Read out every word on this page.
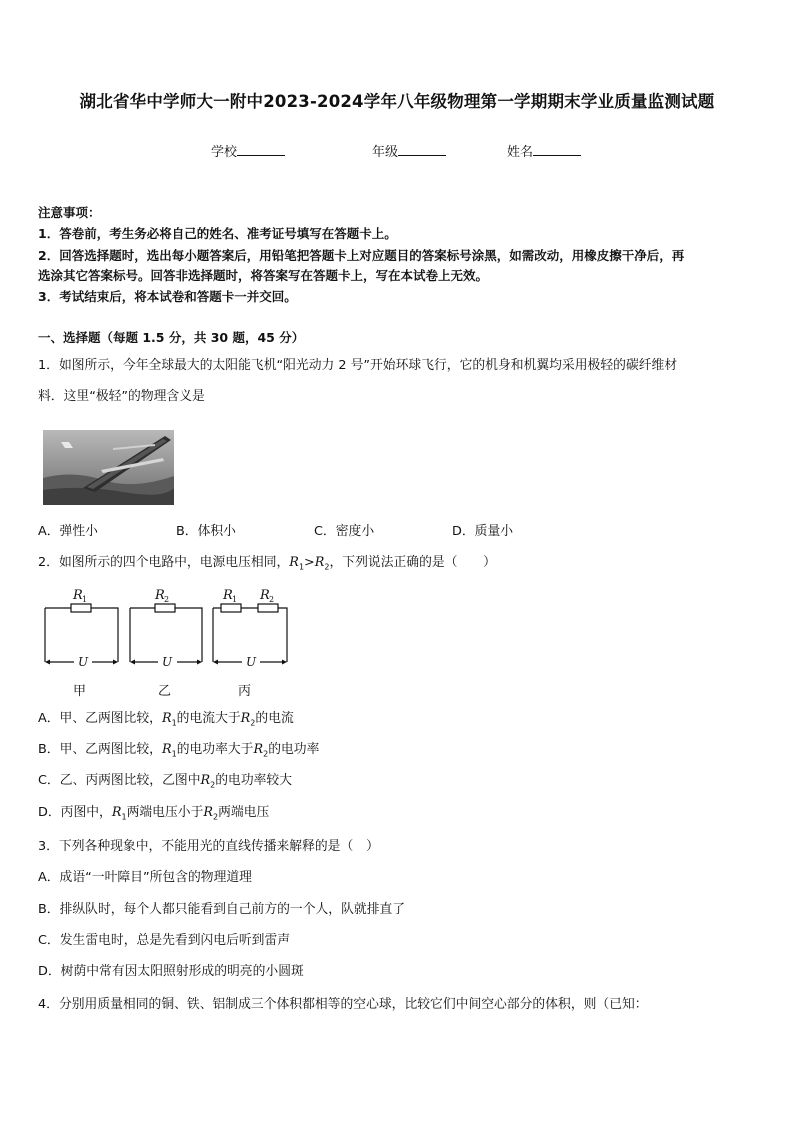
湖北省华中学师大一附中2023-2024学年八年级物理第一学期期末学业质量监测试题
学校	年级	姓名
注意事项：
1．答卷前，考生务必将自己的姓名、准考证号填写在答题卡上。
2．回答选择题时，选出每小题答案后，用铅笔把答题卡上对应题目的答案标号涂黑，如需改动，用橡皮擦干净后，再
选涂其它答案标号。回答非选择题时，将答案写在答题卡上，写在本试卷上无效。
3．考试结束后，将本试卷和答题卡一并交回。
一、选择题（每题 1.5 分，共 30 题，45 分）
1．如图所示，今年全球最大的太阳能飞机“阳光动力 2 号”开始环球飞行，它的机身和机翼均采用极轻的碳纤维材
料．这里“极轻”的物理含义是
A．弹性小	B．体积小	C．密度小	D．质量小
2．如图所示的四个电路中，电源电压相同，$R_1>R_2$，下列说法正确的是（　　）
R 1	R 2	R 1 R 2
U	U	U
甲	乙	丙
A．甲、乙两图比较，$R_1$的电流大于$R_2$的电流
B．甲、乙两图比较，$R_1$的电功率大于$R_2$的电功率
C．乙、丙两图比较，乙图中$R_2$的电功率较大
D．丙图中，$R_1$两端电压小于$R_2$两端电压
3．下列各种现象中，不能用光的直线传播来解释的是（　）
A．成语“一叶障目”所包含的物理道理
B．排纵队时，每个人都只能看到自己前方的一个人，队就排直了
C．发生雷电时，总是先看到闪电后听到雷声
D．树荫中常有因太阳照射形成的明亮的小圆斑
4．分别用质量相同的铜、铁、铝制成三个体积都相等的空心球，比较它们中间空心部分的体积，则（已知：
